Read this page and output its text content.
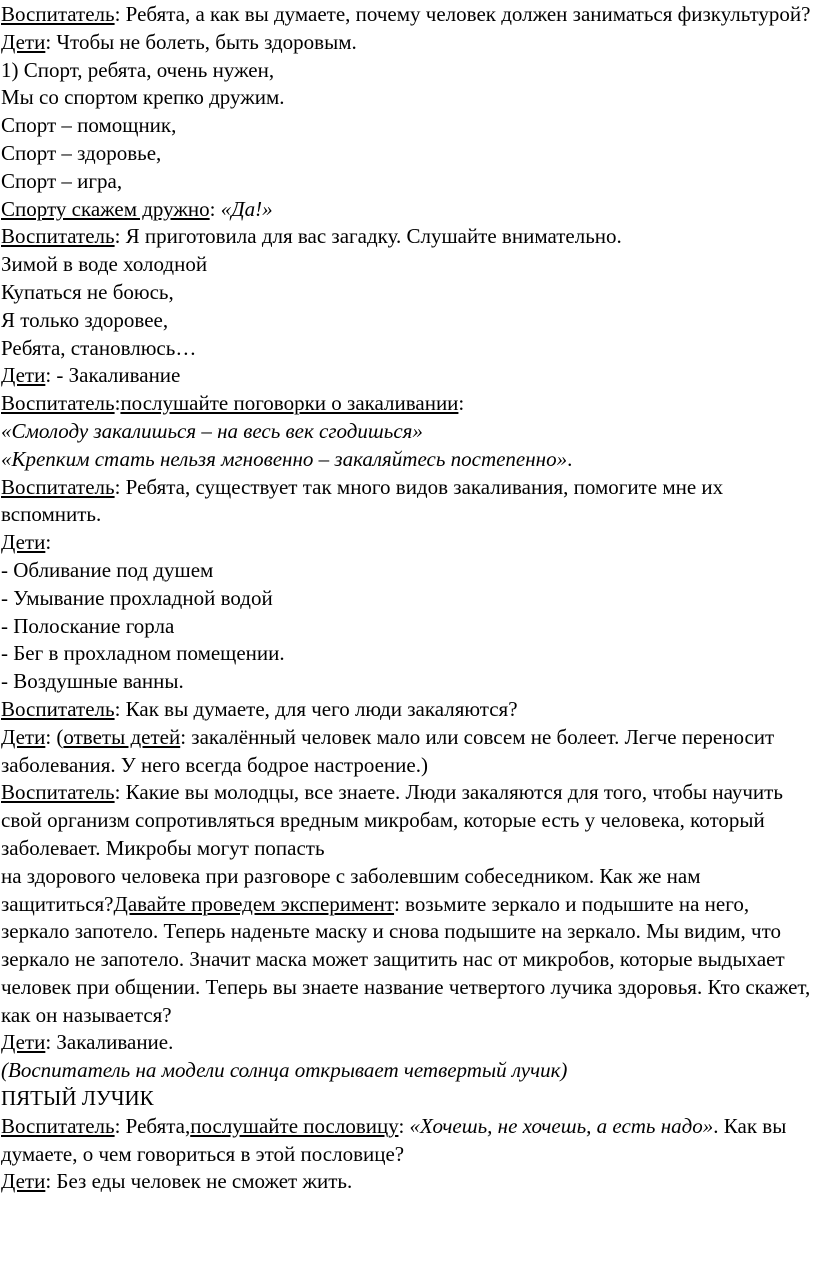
Воспитатель: Ребята, а как вы думаете, почему человек должен заниматься физкультурой?

Дети: Чтобы не болеть, быть здоровым.

1) Спорт, ребята, очень нужен,

Мы со спортом крепко дружим.

Спорт – помощник,

Спорт – здоровье,

Спорт – игра,

Спорту скажем дружно: «Да!»

Воспитатель: Я приготовила для вас загадку. Слушайте внимательно.

Зимой в воде холодной

Купаться не боюсь,

Я только здоровее,

Ребята, становлюсь…

Дети: - Закаливание

Воспитатель:послушайте поговорки о закаливании:

«Смолоду закалишься – на весь век сгодишься»

«Крепким стать нельзя мгновенно – закаляйтесь постепенно».

Воспитатель: Ребята, существует так много видов закаливания, помогите мне их вспомнить.

Дети:

- Обливание под душем

- Умывание прохладной водой

- Полоскание горла

- Бег в прохладном помещении.

- Воздушные ванны.

Воспитатель: Как вы думаете, для чего люди закаляются?

Дети: (ответы детей: закалённый человек мало или совсем не болеет. Легче переносит заболевания. У него всегда бодрое настроение.)

Воспитатель: Какие вы молодцы, все знаете. Люди закаляются для того, чтобы научить свой организм сопротивляться вредным микробам, которые есть у человека, который заболевает. Микробы могут попасть

на здорового человека при разговоре с заболевшим собеседником. Как же нам защититься?Давайте проведем эксперимент: возьмите зеркало и подышите на него, зеркало запотело. Теперь наденьте маску и снова подышите на зеркало. Мы видим, что зеркало не запотело. Значит маска может защитить нас от микробов, которые выдыхает человек при общении. Теперь вы знаете название четвертого лучика здоровья. Кто скажет, как он называется?

Дети: Закаливание.

(Воспитатель на модели солнца открывает четвертый лучик)

ПЯТЫЙ ЛУЧИК

Воспитатель: Ребята,послушайте пословицу: «Хочешь, не хочешь, а есть надо». Как вы думаете, о чем говориться в этой пословице?

Дети: Без еды человек не сможет жить.
